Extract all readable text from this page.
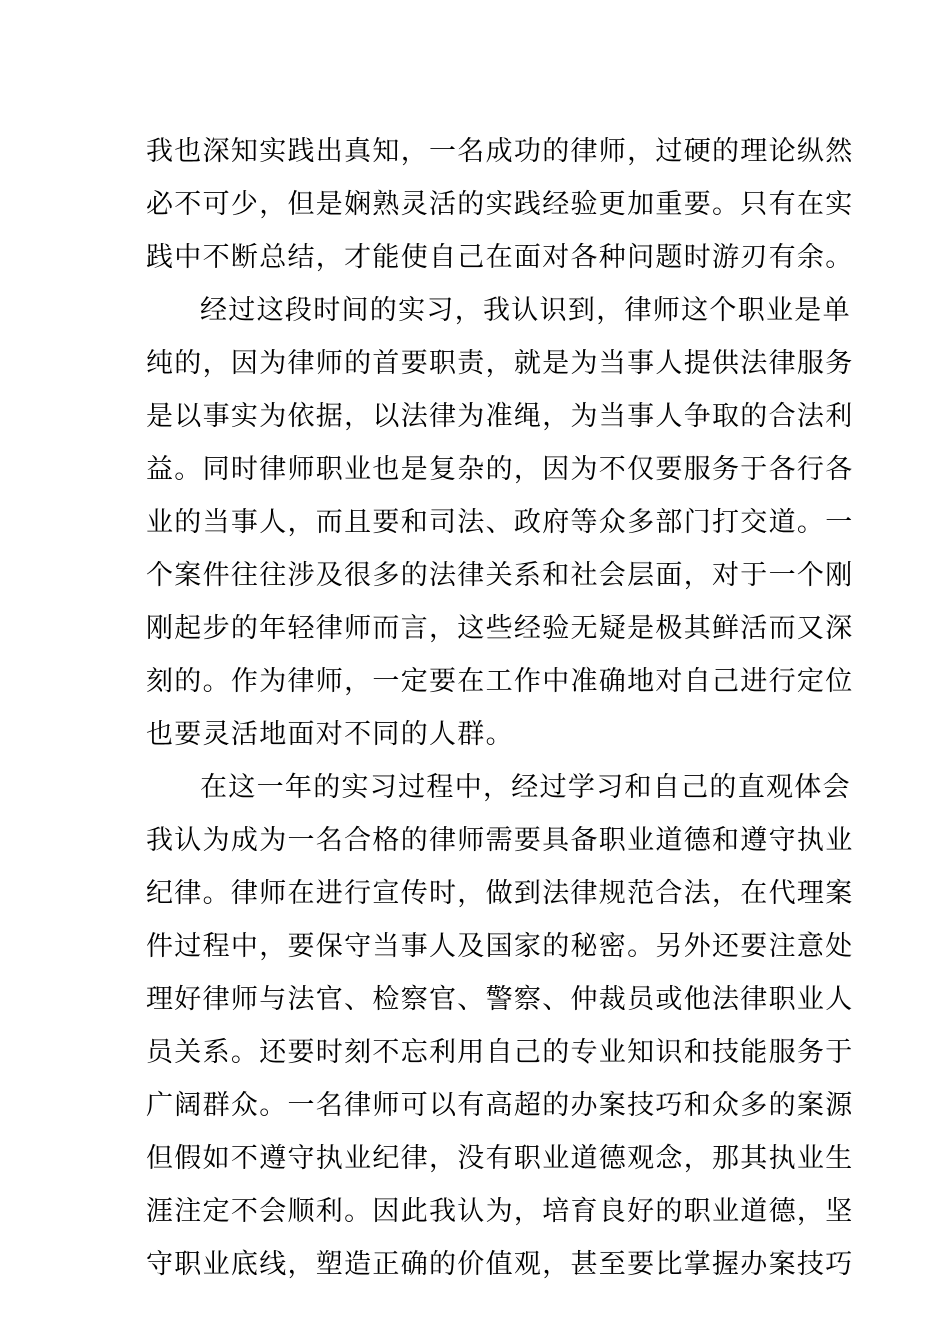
我也深知实践出真知，一名成功的律师，过硬的理论纵然
必不可少，但是娴熟灵活的实践经验更加重要。只有在实
践中不断总结，才能使自己在面对各种问题时游刃有余。
经过这段时间的实习，我认识到，律师这个职业是单
纯的，因为律师的首要职责，就是为当事人提供法律服务
是以事实为依据，以法律为准绳，为当事人争取的合法利
益。同时律师职业也是复杂的，因为不仅要服务于各行各
业的当事人，而且要和司法、政府等众多部门打交道。一
个案件往往涉及很多的法律关系和社会层面，对于一个刚
刚起步的年轻律师而言，这些经验无疑是极其鲜活而又深
刻的。作为律师，一定要在工作中准确地对自己进行定位
也要灵活地面对不同的人群。
在这一年的实习过程中，经过学习和自己的直观体会
我认为成为一名合格的律师需要具备职业道德和遵守执业
纪律。律师在进行宣传时，做到法律规范合法，在代理案
件过程中，要保守当事人及国家的秘密。另外还要注意处
理好律师与法官、检察官、警察、仲裁员或他法律职业人
员关系。还要时刻不忘利用自己的专业知识和技能服务于
广阔群众。一名律师可以有高超的办案技巧和众多的案源
但假如不遵守执业纪律，没有职业道德观念，那其执业生
涯注定不会顺利。因此我认为，培育良好的职业道德，坚
守职业底线，塑造正确的价值观，甚至要比掌握办案技巧
